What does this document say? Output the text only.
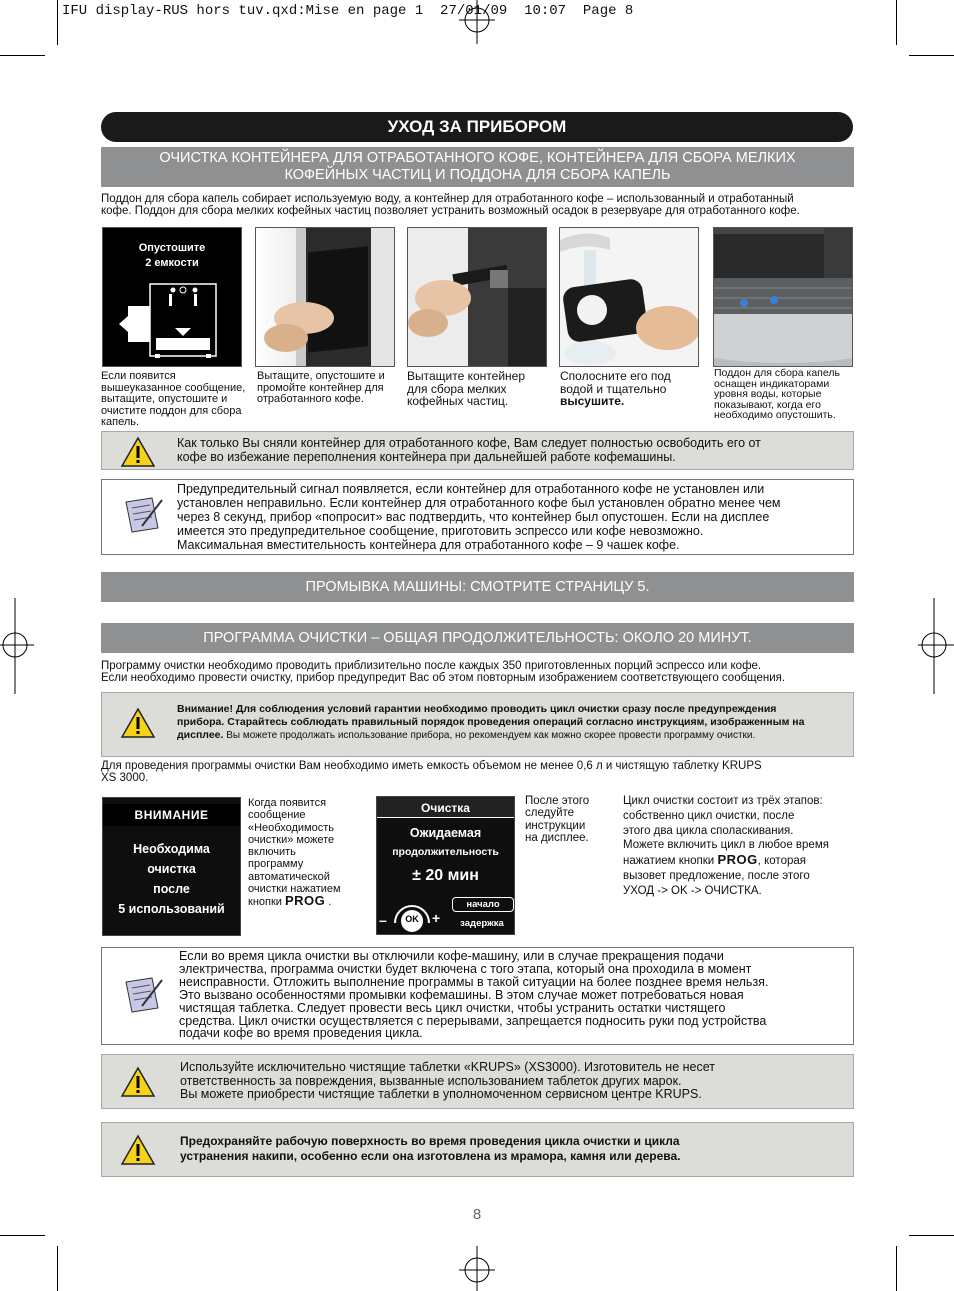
IFU display-RUS hors tuv.qxd:Mise en page 1  27/01/09  10:07  Page 8
УХОД ЗА ПРИБОРОМ
ОЧИСТКА КОНТЕЙНЕРА ДЛЯ ОТРАБОТАННОГО КОФЕ, КОНТЕЙНЕРА ДЛЯ СБОРА МЕЛКИХ
КОФЕЙНЫХ ЧАСТИЦ И ПОДДОНА ДЛЯ СБОРА КАПЕЛЬ
Поддон для сбора капель собирает используемую воду, а контейнер для отработанного кофе – использованный и отработанный
кофе. Поддон для сбора мелких кофейных частиц позволяет устранить возможный осадок в резервуаре для отработанного кофе.
Опустошите
2 емкости
Если появится
вышеуказанное сообщение,
вытащите, опустошите и
очистите поддон для сбора
капель.
Вытащите, опустошите и
промойте контейнер для
отработанного кофе.
Вытащите контейнер
для сбора мелких
кофейных частиц.
Сполосните его под
водой и тщательно
высушите.
Поддон для сбора капель
оснащен индикаторами
уровня воды, которые
показывают, когда его
необходимо опустошить.
Как только Вы сняли контейнер для отработанного кофе, Вам следует полностью освободить его от
кофе во избежание переполнения контейнера при дальнейшей работе кофемашины.
Предупредительный сигнал появляется, если контейнер для отработанного кофе не установлен или
установлен неправильно. Если контейнер для отработанного кофе был установлен обратно менее чем
через 8 секунд, прибор «попросит» вас подтвердить, что контейнер был опустошен. Если на дисплее
имеется это предупредительное сообщение, приготовить эспрессо или кофе невозможно.
Максимальная вместительность контейнера для отработанного кофе – 9 чашек кофе.
ПРОМЫВКА МАШИНЫ: СМОТРИТЕ СТРАНИЦУ 5.
ПРОГРАММА ОЧИСТКИ – ОБЩАЯ ПРОДОЛЖИТЕЛЬНОСТЬ: ОКОЛО 20 МИНУТ.
Программу очистки необходимо проводить приблизительно после каждых 350 приготовленных порций эспрессо или кофе.
Если необходимо провести очистку, прибор предупредит Вас об этом повторным изображением соответствующего сообщения.
Внимание! Для соблюдения условий гарантии необходимо проводить цикл очистки сразу после предупреждения
прибора. Старайтесь соблюдать правильный порядок проведения операций согласно инструкциям, изображенным на
дисплее. Вы можете продолжать использование прибора, но рекомендуем как можно скорее провести программу очистки.
Для проведения программы очистки Вам необходимо иметь емкость объемом не менее 0,6 л и чистящую таблетку KRUPS
XS 3000.
ВНИМАНИЕ
Необходима
очистка
после
5 использований
Когда появится
сообщение
«Необходимость
очистки» можете
включить
программу
автоматической
очистки нажатием
кнопки PROG .
Очистка
Ожидаемая
продолжительность
± 20 мин
начало
задержка
OK
–	+
После этого
следуйте
инструкции
на дисплее.
Цикл очистки состоит из трёх этапов:
собственно цикл очистки, после
этого два цикла споласкивания.
Можете включить цикл в любое время
нажатием кнопки PROG, которая
вызовет предложение, после этого
УХОД -> OK -> ОЧИСТКА.
Если во время цикла очистки вы отключили кофе-машину, или в случае прекращения подачи
электричества, программа очистки будет включена с того этапа, который она проходила в момент
неисправности. Отложить выполнение программы в такой ситуации на более позднее время нельзя.
Это вызвано особенностями промывки кофемашины. В этом случае может потребоваться новая
чистящая таблетка. Следует провести весь цикл очистки, чтобы устранить остатки чистящего
средства. Цикл очистки осуществляется с перерывами, запрещается подносить руки под устройства
подачи кофе во время проведения цикла.
Используйте исключительно чистящие таблетки «KRUPS» (XS3000). Изготовитель не несет
ответственность за повреждения, вызванные использованием таблеток других марок.
Вы можете приобрести чистящие таблетки в уполномоченном сервисном центре KRUPS.
Предохраняйте рабочую поверхность во время проведения цикла очистки и цикла
устранения накипи, особенно если она изготовлена из мрамора, камня или дерева.
8
